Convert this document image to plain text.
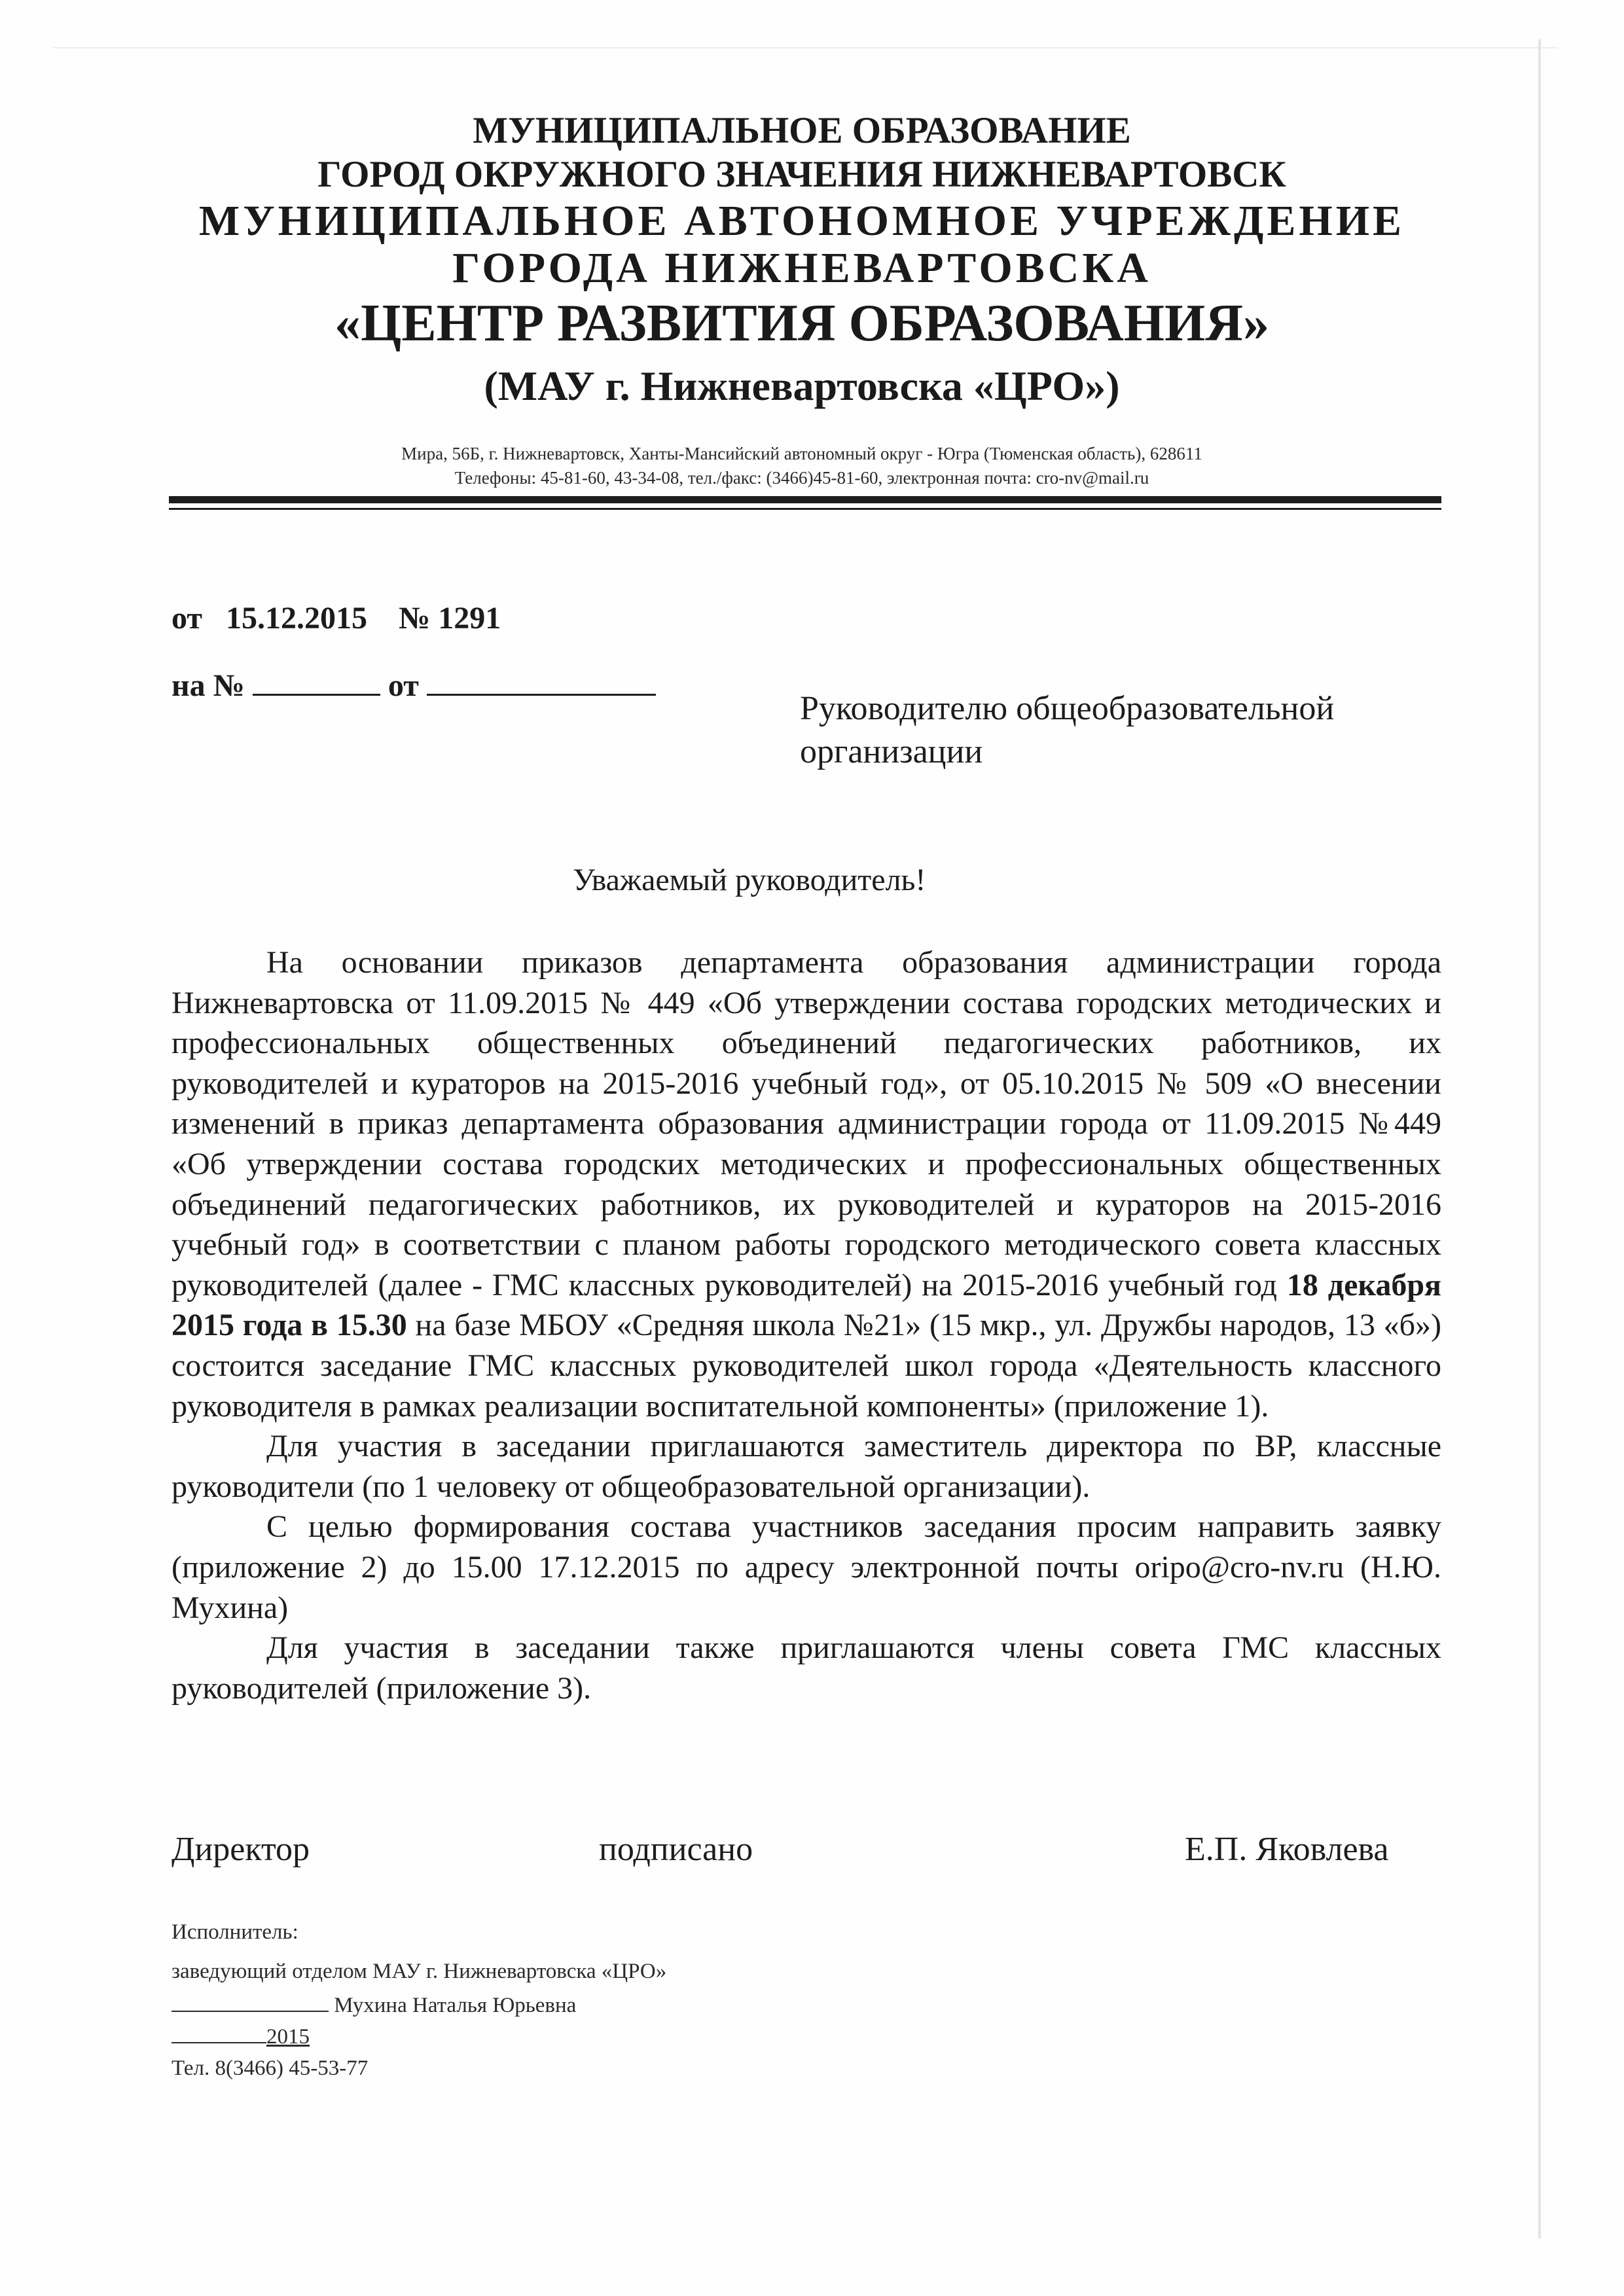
МУНИЦИПАЛЬНОЕ ОБРАЗОВАНИЕ
ГОРОД ОКРУЖНОГО ЗНАЧЕНИЯ НИЖНЕВАРТОВСК
МУНИЦИПАЛЬНОЕ АВТОНОМНОЕ УЧРЕЖДЕНИЕ
ГОРОДА НИЖНЕВАРТОВСКА
«ЦЕНТР РАЗВИТИЯ ОБРАЗОВАНИЯ»
(МАУ г. Нижневартовска «ЦРО»)
Мира, 56Б, г. Нижневартовск, Ханты-Мансийский автономный округ - Югра (Тюменская область), 628611
Телефоны: 45-81-60, 43-34-08, тел./факс: (3466)45-81-60, электронная почта: cro-nv@mail.ru
от 15.12.2015 № 1291
на №	от
Руководителю общеобразовательной
организации
Уважаемый руководитель!

На основании приказов департамента образования администрации города Нижневартовска от 11.09.2015 № 449 «Об утверждении состава городских методических и профессиональных общественных объединений педагогических работников, их руководителей и кураторов на 2015-2016 учебный год», от 05.10.2015 № 509 «О внесении изменений в приказ департамента образования администрации города от 11.09.2015 №449 «Об утверждении состава городских методических и профессиональных общественных объединений педагогических работников, их руководителей и кураторов на 2015-2016 учебный год» в соответствии с планом работы городского методического совета классных руководителей (далее - ГМС классных руководителей) на 2015-2016 учебный год 18 декабря 2015 года в 15.30 на базе МБОУ «Средняя школа №21» (15 мкр., ул. Дружбы народов, 13 «б») состоится заседание ГМС классных руководителей школ города «Деятельность классного руководителя в рамках реализации воспитательной компоненты» (приложение 1).

Для участия в заседании приглашаются заместитель директора по ВР, классные руководители (по 1 человеку от общеобразовательной организации).

С целью формирования состава участников заседания просим направить заявку (приложение 2) до 15.00 17.12.2015 по адресу электронной почты oripo@cro-nv.ru (Н.Ю. Мухина)

Для участия в заседании также приглашаются члены совета ГМС классных руководителей (приложение 3).

Директор	подписано	Е.П. Яковлева
Исполнитель:
заведующий отделом МАУ г. Нижневартовска «ЦРО»
Мухина Наталья Юрьевна
2015
Тел. 8(3466) 45-53-77
